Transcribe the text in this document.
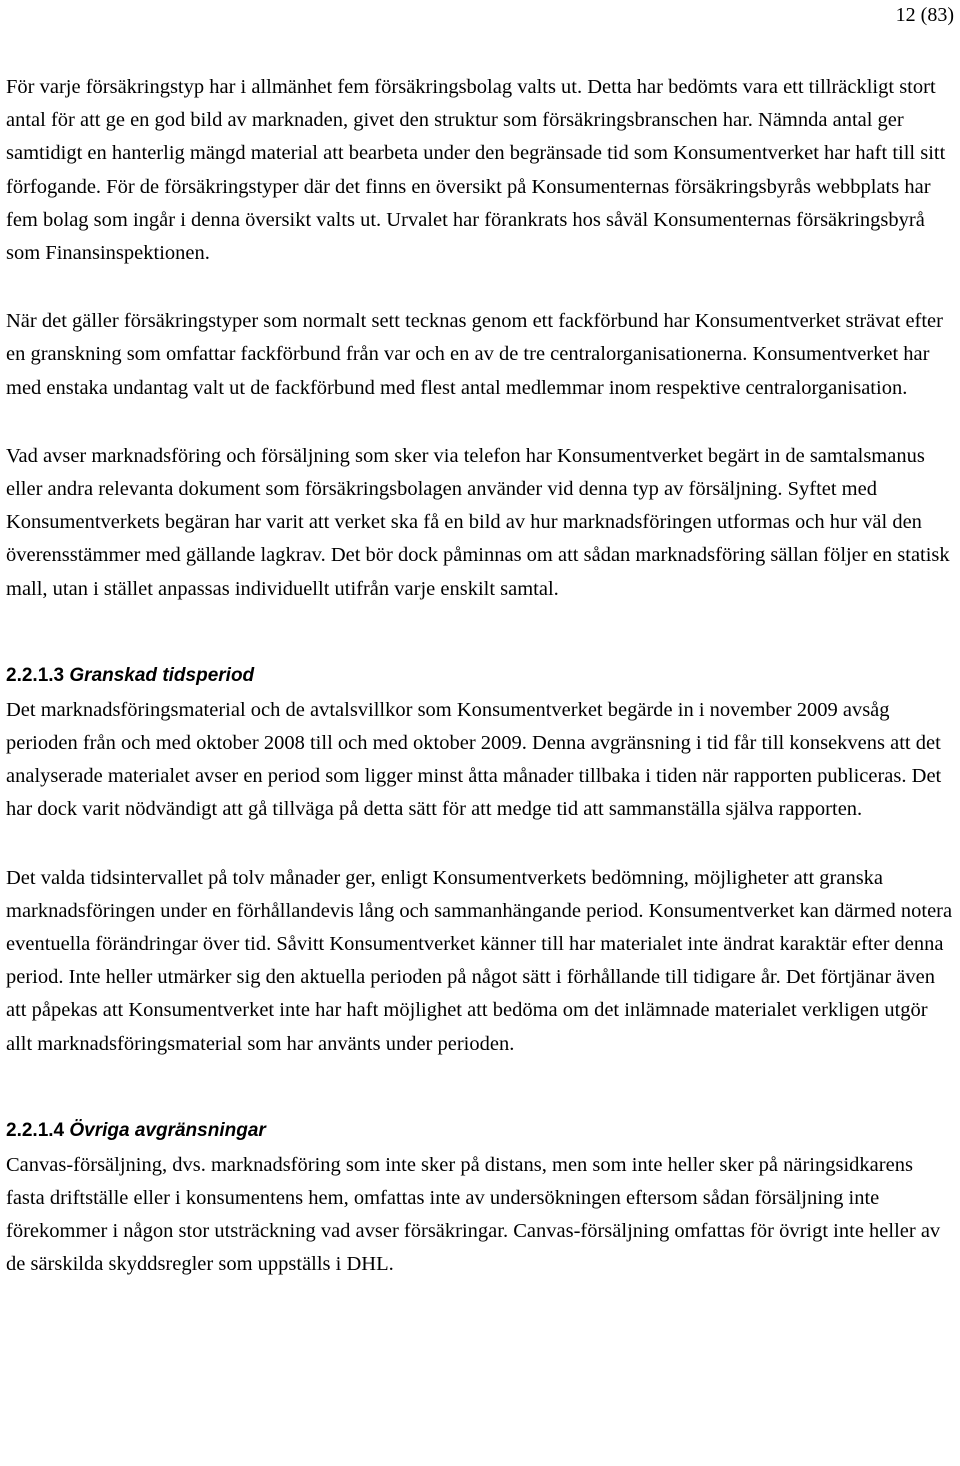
12 (83)

För varje försäkringstyp har i allmänhet fem försäkringsbolag valts ut. Detta har bedömts vara ett tillräckligt stort antal för att ge en god bild av marknaden, givet den struktur som försäkringsbranschen har. Nämnda antal ger samtidigt en hanterlig mängd material att bearbeta under den begränsade tid som Konsumentverket har haft till sitt förfogande. För de försäkringstyper där det finns en översikt på Konsumenternas försäkringsbyrås webbplats har fem bolag som ingår i denna översikt valts ut. Urvalet har förankrats hos såväl Konsumenternas försäkringsbyrå som Finansinspektionen.

När det gäller försäkringstyper som normalt sett tecknas genom ett fackförbund har Konsumentverket strävat efter en granskning som omfattar fackförbund från var och en av de tre centralorganisationerna. Konsumentverket har med enstaka undantag valt ut de fackförbund med flest antal medlemmar inom respektive centralorganisation.

Vad avser marknadsföring och försäljning som sker via telefon har Konsumentverket begärt in de samtalsmanus eller andra relevanta dokument som försäkringsbolagen använder vid denna typ av försäljning. Syftet med Konsumentverkets begäran har varit att verket ska få en bild av hur marknadsföringen utformas och hur väl den överensstämmer med gällande lagkrav. Det bör dock påminnas om att sådan marknadsföring sällan följer en statisk mall, utan i stället anpassas individuellt utifrån varje enskilt samtal.

2.2.1.3 Granskad tidsperiod

Det marknadsföringsmaterial och de avtalsvillkor som Konsumentverket begärde in i november 2009 avsåg perioden från och med oktober 2008 till och med oktober 2009. Denna avgränsning i tid får till konsekvens att det analyserade materialet avser en period som ligger minst åtta månader tillbaka i tiden när rapporten publiceras. Det har dock varit nödvändigt att gå tillväga på detta sätt för att medge tid att sammanställa själva rapporten.

Det valda tidsintervallet på tolv månader ger, enligt Konsumentverkets bedömning, möjligheter att granska marknadsföringen under en förhållandevis lång och sammanhängande period. Konsumentverket kan därmed notera eventuella förändringar över tid. Såvitt Konsumentverket känner till har materialet inte ändrat karaktär efter denna period. Inte heller utmärker sig den aktuella perioden på något sätt i förhållande till tidigare år. Det förtjänar även att påpekas att Konsumentverket inte har haft möjlighet att bedöma om det inlämnade materialet verkligen utgör allt marknadsföringsmaterial som har använts under perioden.

2.2.1.4 Övriga avgränsningar

Canvas-försäljning, dvs. marknadsföring som inte sker på distans, men som inte heller sker på näringsidkarens fasta driftställe eller i konsumentens hem, omfattas inte av undersökningen eftersom sådan försäljning inte förekommer i någon stor utsträckning vad avser försäkringar. Canvas-försäljning omfattas för övrigt inte heller av de särskilda skyddsregler som uppställs i DHL.
